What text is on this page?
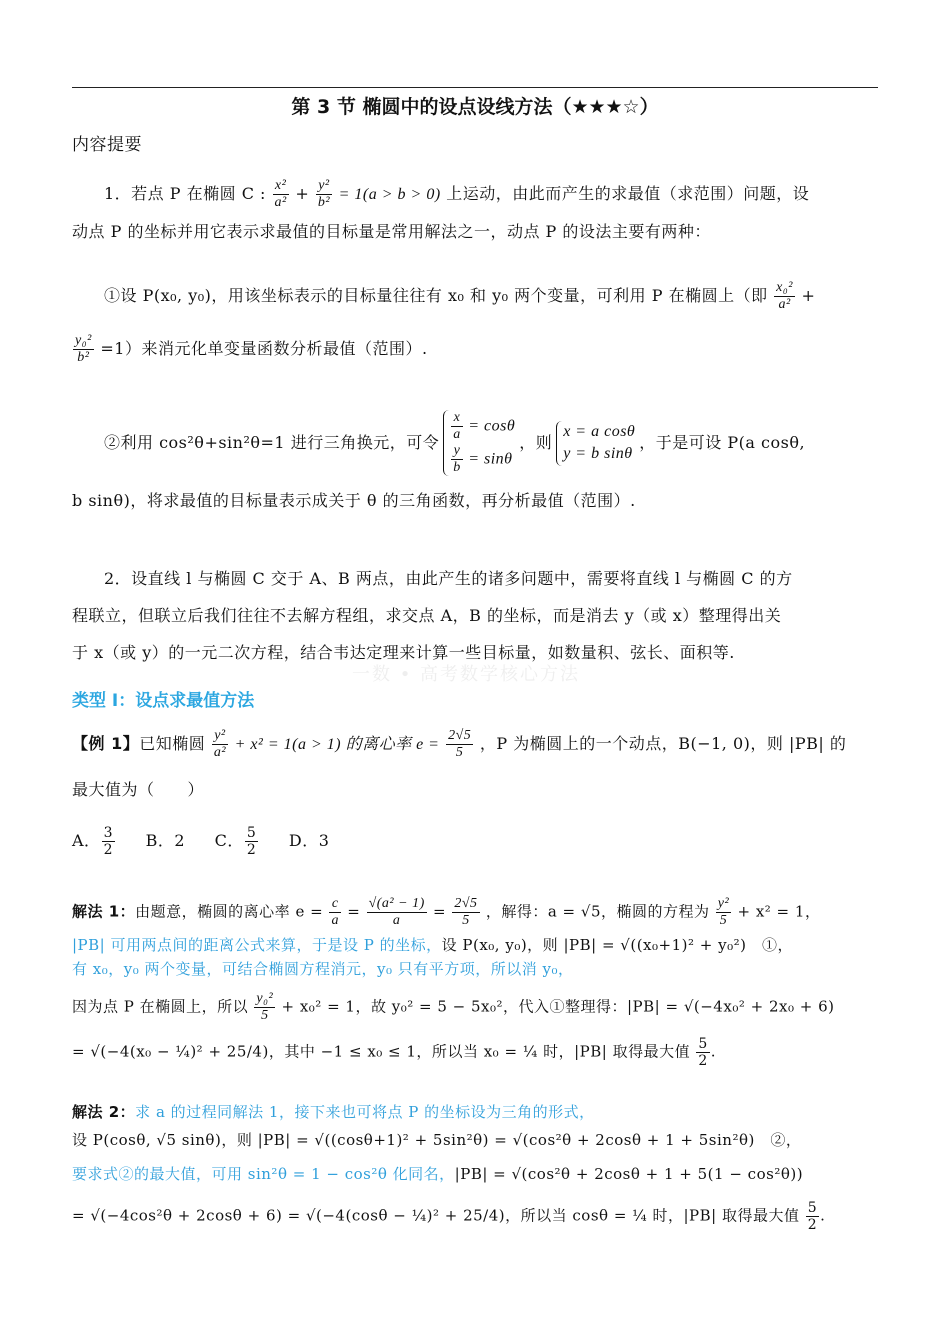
第 3 节 椭圆中的设点设线方法（★★★☆）
内容提要
1．若点 P 在椭圆 C : $\frac{\text{x²}}{\text{a²}} + \frac{\text{y²}}{\text{b²}} = 1(a > b > 0)$ 上运动，由此而产生的求最值（求范围）问题，设
动点 P 的坐标并用它表示求最值的目标量是常用解法之一，动点 P 的设法主要有两种：
①设 P(x₀, y₀)，用该坐标表示的目标量往往有 x₀ 和 y₀ 两个变量，可利用 P 在椭圆上（即 $\frac{\text{x₀²}}{\text{a²}}$ +
$\frac{\text{y₀²}}{\text{b²}} =1$）来消元化单变量函数分析最值（范围）.
②利用 cos²θ+sin²θ=1 进行三角换元，可令 $\frac{x}{a} = \cos\theta$
$\frac{y}{b} = \sin\theta$
，则
x = a cosθ
y = b sinθ
，于是可设 P(a cosθ,
b sinθ)，将求最值的目标量表示成关于 θ 的三角函数，再分析最值（范围）.
2．设直线 l 与椭圆 C 交于 A、B 两点，由此产生的诸多问题中，需要将直线 l 与椭圆 C 的方
程联立，但联立后我们往往不去解方程组，求交点 A，B 的坐标，而是消去 y（或 x）整理得出关
于 x（或 y）的一元二次方程，结合韦达定理来计算一些目标量，如数量积、弦长、面积等.
一数 • 高考数学核心方法
类型 I：设点求最值方法
【例 1】已知椭圆 $\frac{\text{y²}}{\text{a²}} + x^2 = 1(a > 1)$ 的离心率 $e = \frac{2√5}{5}$ ，P 为椭圆上的一个动点，B(−1, 0)，则 |PB| 的
最大值为（　　）
A． $\frac{3}{2}$ B．2 C． $\frac{5}{2}$ D．3
解法 1：由题意，椭圆的离心率 $e = \frac{c}{a} = \frac{\text{√(a² − 1)}}{a} = \frac{2√5}{5}$ ，解得：a = √5，椭圆的方程为 $\frac{\text{y²}}{5} + x^2 = 1$，
|PB| 可用两点间的距离公式来算，于是设 P 的坐标，设 P(x₀, y₀)，则 |PB| = √((x₀+1)² + y₀²)　①，
有 x₀，y₀ 两个变量，可结合椭圆方程消元，y₀ 只有平方项，所以消 y₀，
因为点 P 在椭圆上，所以 $\frac{\text{y₀²}}{5} + x_0^2 = 1$，故 y₀² = 5 − 5x₀²，代入①整理得：|PB| = √(−4x₀² + 2x₀ + 6)
= √(−4(x₀ − ¼)² + 25/4)，其中 −1 ≤ x₀ ≤ 1，所以当 x₀ = ¼ 时，|PB| 取得最大值 $\frac{5}{2}$ .
解法 2：求 a 的过程同解法 1，接下来也可将点 P 的坐标设为三角的形式，
设 P(cosθ, √5 sinθ)，则 |PB| = √((cosθ+1)² + 5sin²θ) = √(cos²θ + 2cosθ + 1 + 5sin²θ)　②，
要求式②的最大值，可用 sin²θ = 1 − cos²θ 化同名，|PB| = √(cos²θ + 2cosθ + 1 + 5(1 − cos²θ))
= √(−4cos²θ + 2cosθ + 6) = √(−4(cosθ − ¼)² + 25/4)，所以当 cosθ = ¼ 时，|PB| 取得最大值 $\frac{5}{2}$ .
